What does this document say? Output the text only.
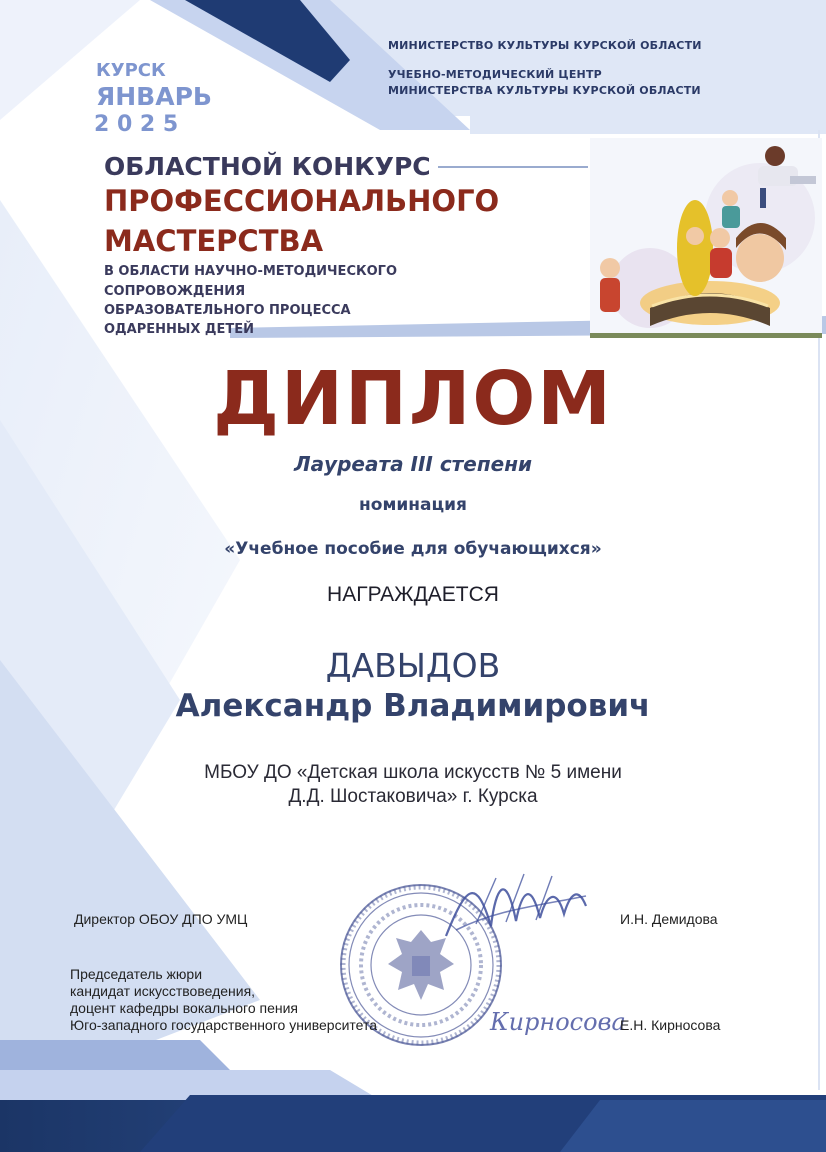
МИНИСТЕРСТВО КУЛЬТУРЫ КУРСКОЙ ОБЛАСТИ
УЧЕБНО-МЕТОДИЧЕСКИЙ ЦЕНТР
МИНИСТЕРСТВА КУЛЬТУРЫ КУРСКОЙ ОБЛАСТИ
КУРСК
ЯНВАРЬ
2 0 2 5
ОБЛАСТНОЙ КОНКУРС
ПРОФЕССИОНАЛЬНОГО
МАСТЕРСТВА
В ОБЛАСТИ НАУЧНО-МЕТОДИЧЕСКОГО
СОПРОВОЖДЕНИЯ
ОБРАЗОВАТЕЛЬНОГО ПРОЦЕССА
ОДАРЕННЫХ ДЕТЕЙ
ДИПЛОМ
Лауреата III степени
номинация
«Учебное пособие для обучающихся»
НАГРАЖДАЕТСЯ
ДАВЫДОВ
Александр Владимирович
МБОУ ДО «Детская школа искусств № 5 имени
Д.Д. Шостаковича» г. Курска
Директор ОБОУ ДПО УМЦ	И.Н. Демидова
Председатель жюри
кандидат искусствоведения,
доцент кафедры вокального пения
Юго-западного государственного университета	Кирносова
Е.Н. Кирносова
